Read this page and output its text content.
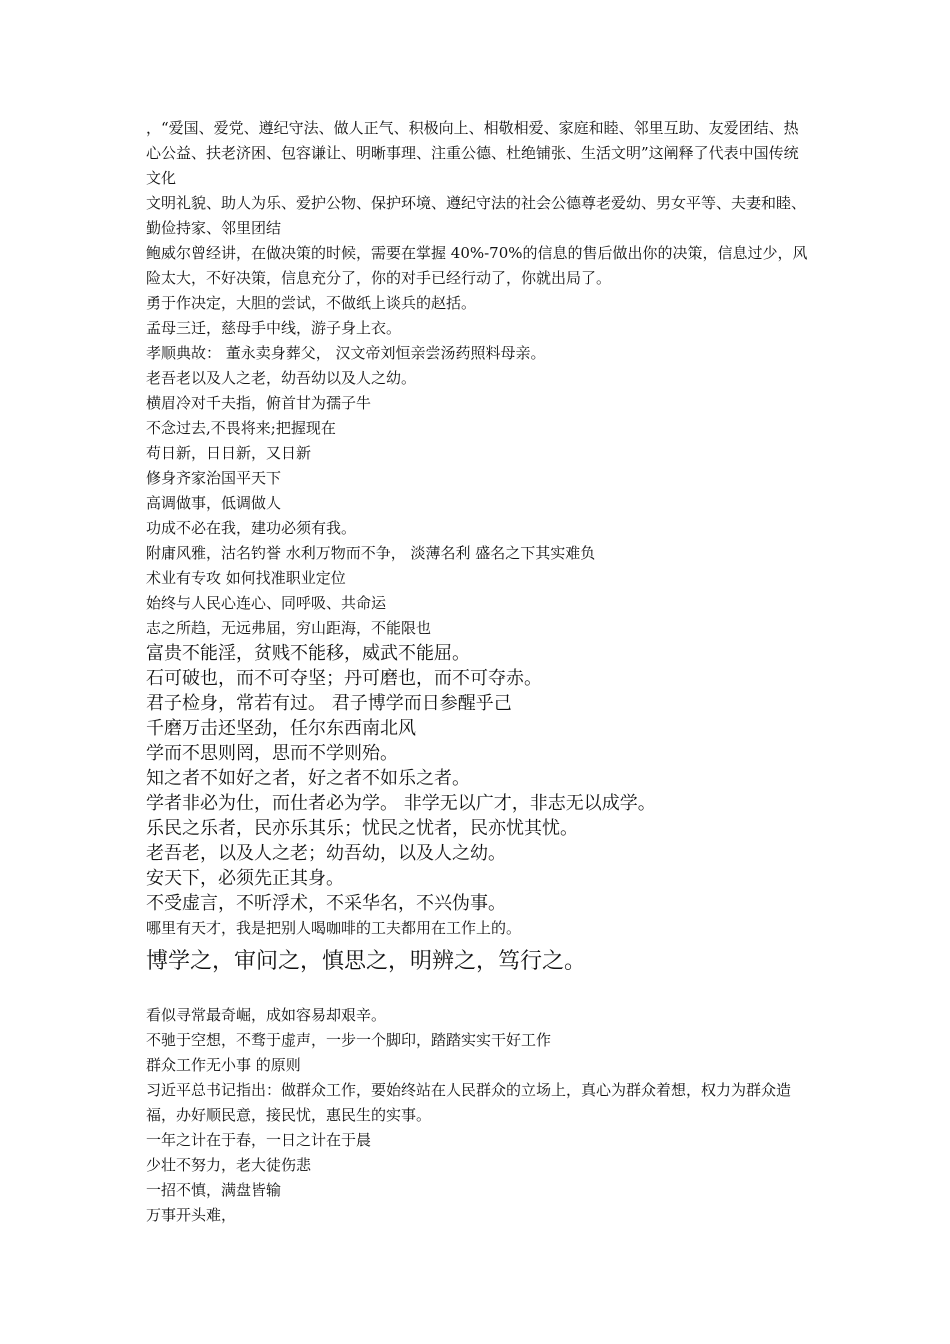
，“爱国、爱党、遵纪守法、做人正气、积极向上、相敬相爱、家庭和睦、邻里互助、友爱团结、热心公益、扶老济困、包容谦让、明晰事理、注重公德、杜绝铺张、生活文明”这阐释了代表中国传统文化

文明礼貌、助人为乐、爱护公物、保护环境、遵纪守法的社会公德尊老爱幼、男女平等、夫妻和睦、勤俭持家、邻里团结

鲍威尔曾经讲，在做决策的时候，需要在掌握 40%-70%的信息的售后做出你的决策，信息过少，风险太大，不好决策，信息充分了，你的对手已经行动了，你就出局了。

勇于作决定，大胆的尝试，不做纸上谈兵的赵括。

孟母三迁，慈母手中线，游子身上衣。

孝顺典故： 董永卖身葬父， 汉文帝刘恒亲尝汤药照料母亲。

老吾老以及人之老，幼吾幼以及人之幼。

横眉冷对千夫指，俯首甘为孺子牛

不念过去,不畏将来;把握现在

苟日新，日日新，又日新

修身齐家治国平天下

高调做事，低调做人

功成不必在我，建功必须有我。

附庸风雅，沽名钓誉 水利万物而不争， 淡薄名利 盛名之下其实难负

术业有专攻 如何找准职业定位

始终与人民心连心、同呼吸、共命运

志之所趋，无远弗届，穷山距海，不能限也

富贵不能淫，贫贱不能移，威武不能屈。

石可破也，而不可夺坚；丹可磨也，而不可夺赤。

君子检身，常若有过。 君子博学而日参醒乎己

千磨万击还坚劲，任尔东西南北风

学而不思则罔，思而不学则殆。

知之者不如好之者，好之者不如乐之者。

学者非必为仕，而仕者必为学。 非学无以广才，非志无以成学。

乐民之乐者，民亦乐其乐；忧民之忧者，民亦忧其忧。

老吾老，以及人之老；幼吾幼，以及人之幼。

安天下，必须先正其身。

不受虚言，不听浮术，不采华名，不兴伪事。

哪里有天才，我是把别人喝咖啡的工夫都用在工作上的。

博学之，审问之，慎思之，明辨之，笃行之。

看似寻常最奇崛，成如容易却艰辛。

不驰于空想，不骛于虚声，一步一个脚印，踏踏实实干好工作

群众工作无小事 的原则

习近平总书记指出：做群众工作，要始终站在人民群众的立场上，真心为群众着想，权力为群众造福，办好顺民意，接民忧，惠民生的实事。

一年之计在于春，一日之计在于晨

少壮不努力，老大徒伤悲

一招不慎，满盘皆输

万事开头难，
